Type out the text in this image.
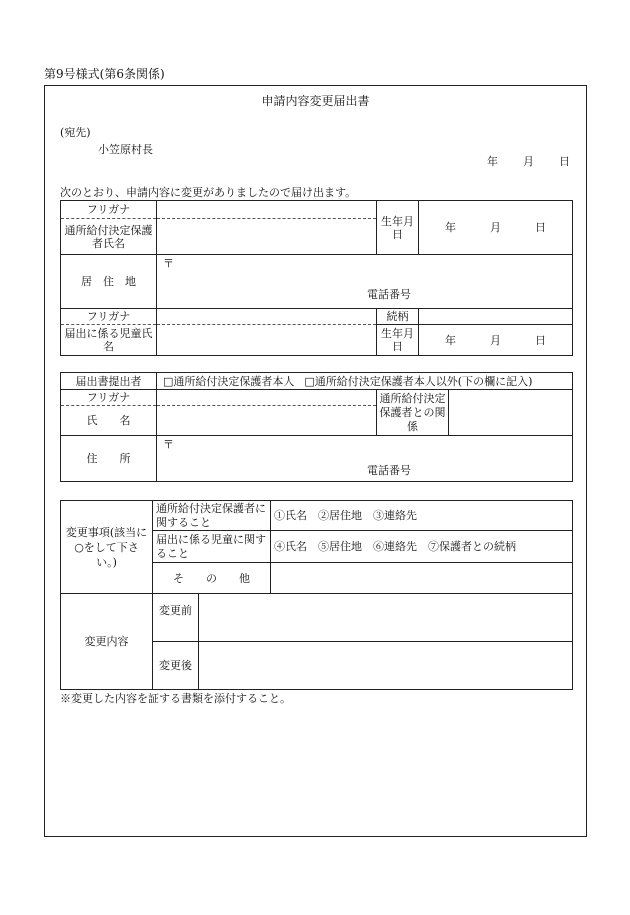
第9号様式(第6条関係)
申請内容変更届出書
(宛先)
小笠原村長
年 月 日
次のとおり、申請内容に変更がありましたので届け出ます。
フリガナ		生年月日	年 月 日

通所給付決定保護者氏名			
居　住　地	〒
電話番号		

フリガナ		続柄	
届出に係る児童氏名		生年月日	年 月 日
届出書提出者	□通所給付決定保護者本人 □通所給付決定保護者本人以外(下の欄に記入)		
フリガナ		通所給付決定保護者との関係	
氏　　名			
住　　所	〒
電話番号		
変更事項(該当に○をして下さい。)	通所給付決定保護者に関すること		①氏名　②居住地　③連絡先
	届出に係る児童に関すること		④氏名　⑤居住地　⑥連絡先　⑦保護者との続柄
	そ　　の　　他		
変更内容	変更前		
	変更後		
※変更した内容を証する書類を添付すること。
